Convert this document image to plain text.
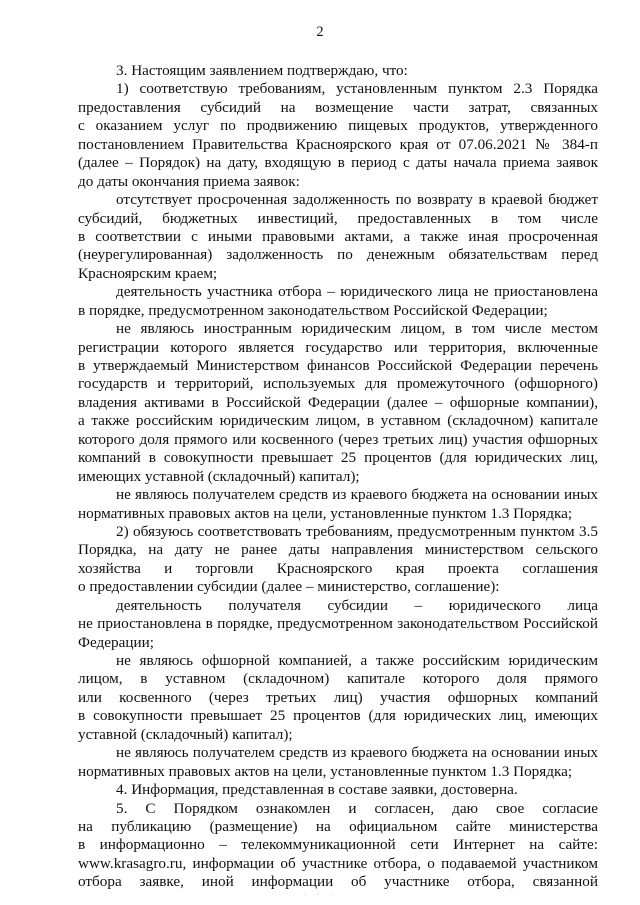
2
3. Настоящим заявлением подтверждаю, что:
1) соответствую требованиям, установленным пунктом 2.3 Порядка
предоставления субсидий на возмещение части затрат, связанных
с оказанием услуг по продвижению пищевых продуктов, утвержденного
постановлением Правительства Красноярского края от 07.06.2021 № 384-п
(далее – Порядок) на дату, входящую в период с даты начала приема заявок
до даты окончания приема заявок:
отсутствует просроченная задолженность по возврату в краевой бюджет
субсидий, бюджетных инвестиций, предоставленных в том числе
в соответствии с иными правовыми актами, а также иная просроченная
(неурегулированная) задолженность по денежным обязательствам перед
Красноярским краем;
деятельность участника отбора – юридического лица не приостановлена
в порядке, предусмотренном законодательством Российской Федерации;
не являюсь иностранным юридическим лицом, в том числе местом
регистрации которого является государство или территория, включенные
в утверждаемый Министерством финансов Российской Федерации перечень
государств и территорий, используемых для промежуточного (офшорного)
владения активами в Российской Федерации (далее – офшорные компании),
а также российским юридическим лицом, в уставном (складочном) капитале
которого доля прямого или косвенного (через третьих лиц) участия офшорных
компаний в совокупности превышает 25 процентов (для юридических лиц,
имеющих уставной (складочный) капитал);
не являюсь получателем средств из краевого бюджета на основании иных
нормативных правовых актов на цели, установленные пунктом 1.3 Порядка;
2) обязуюсь соответствовать требованиям, предусмотренным пунктом 3.5
Порядка, на дату не ранее даты направления министерством сельского
хозяйства и торговли Красноярского края проекта соглашения
о предоставлении субсидии (далее – министерство, соглашение):
деятельность получателя субсидии – юридического лица
не приостановлена в порядке, предусмотренном законодательством Российской
Федерации;
не являюсь офшорной компанией, а также российским юридическим
лицом, в уставном (складочном) капитале которого доля прямого
или косвенного (через третьих лиц) участия офшорных компаний
в совокупности превышает 25 процентов (для юридических лиц, имеющих
уставной (складочный) капитал);
не являюсь получателем средств из краевого бюджета на основании иных
нормативных правовых актов на цели, установленные пунктом 1.3 Порядка;
4. Информация, представленная в составе заявки, достоверна.
5. С Порядком ознакомлен и согласен, даю свое согласие
на публикацию (размещение) на официальном сайте министерства
в информационно – телекоммуникационной сети Интернет на сайте:
www.krasagro.ru, информации об участнике отбора, о подаваемой участником
отбора заявке, иной информации об участнике отбора, связанной
· · ·
